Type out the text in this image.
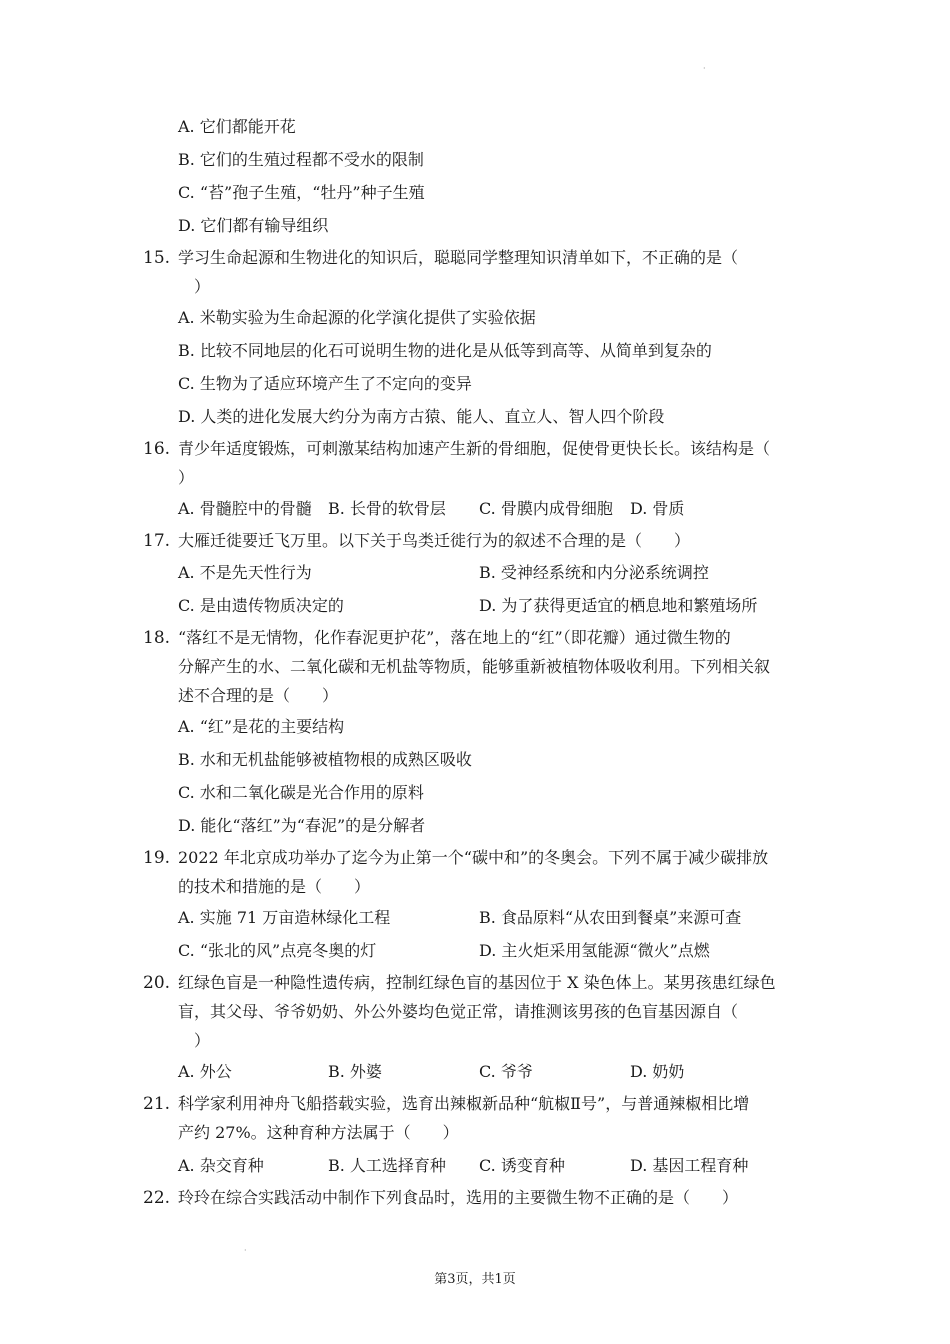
·
A. 它们都能开花
B. 它们的生殖过程都不受水的限制
C. “苔”孢子生殖，“牡丹”种子生殖
D. 它们都有输导组织
15. 学习生命起源和生物进化的知识后，聪聪同学整理知识清单如下，不正确的是（
）
A. 米勒实验为生命起源的化学演化提供了实验依据
B. 比较不同地层的化石可说明生物的进化是从低等到高等、从简单到复杂的
C. 生物为了适应环境产生了不定向的变异
D. 人类的进化发展大约分为南方古猿、能人、直立人、智人四个阶段
16. 青少年适度锻炼，可刺激某结构加速产生新的骨细胞，促使骨更快长长。该结构是（
）
A. 骨髓腔中的骨髓 B. 长骨的软骨层 C. 骨膜内成骨细胞 D. 骨质
17. 大雁迁徙要迁飞万里。以下关于鸟类迁徙行为的叙述不合理的是（　　）
A. 不是先天性行为	B. 受神经系统和内分泌系统调控
C. 是由遗传物质决定的	D. 为了获得更适宜的栖息地和繁殖场所
18. “落红不是无情物，化作春泥更护花”，落在地上的“红”（即花瓣）通过微生物的
分解产生的水、二氧化碳和无机盐等物质，能够重新被植物体吸收利用。下列相关叙
述不合理的是（　　）
A. “红”是花的主要结构
B. 水和无机盐能够被植物根的成熟区吸收
C. 水和二氧化碳是光合作用的原料
D. 能化“落红”为“春泥”的是分解者
19. 2022 年北京成功举办了迄今为止第一个“碳中和”的冬奥会。下列不属于减少碳排放
的技术和措施的是（　　）
A. 实施 71 万亩造林绿化工程	B. 食品原料“从农田到餐桌”来源可查
C. “张北的风”点亮冬奥的灯	D. 主火炬采用氢能源“微火”点燃
20. 红绿色盲是一种隐性遗传病，控制红绿色盲的基因位于 X 染色体上。某男孩患红绿色
盲，其父母、爷爷奶奶、外公外婆均色觉正常，请推测该男孩的色盲基因源自（
）
A. 外公	B. 外婆	C. 爷爷	D. 奶奶
21. 科学家利用神舟飞船搭载实验，选育出辣椒新品种“航椒Ⅱ号”，与普通辣椒相比增
产约 27%。这种育种方法属于（　　）
A. 杂交育种	B. 人工选择育种 C. 诱变育种	D. 基因工程育种
22. 玲玲在综合实践活动中制作下列食品时，选用的主要微生物不正确的是（　　）
·
第3页，共1页
